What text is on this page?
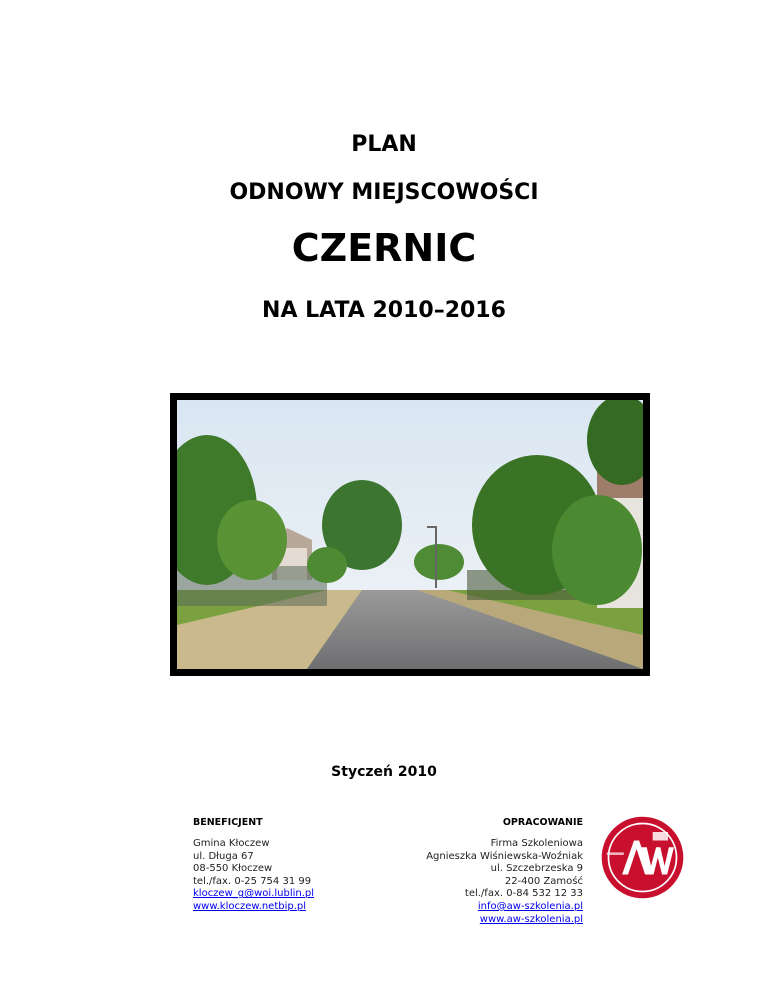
PLAN
ODNOWY MIEJSCOWOŚCI
CZERNIC
NA LATA 2010–2016
Styczeń 2010
BENEFICJENT	OPRACOWANIE
Gmina Kłoczew
ul. Długa 67
08-550 Kłoczew
tel./fax. 0-25 754 31 99
kloczew_g@woi.lublin.pl
www.kloczew.netbip.pl
Firma Szkoleniowa
Agnieszka Wiśniewska-Woźniak
ul. Szczebrzeska 9
22-400 Zamość
tel./fax. 0-84 532 12 33
info@aw-szkolenia.pl
www.aw-szkolenia.pl
